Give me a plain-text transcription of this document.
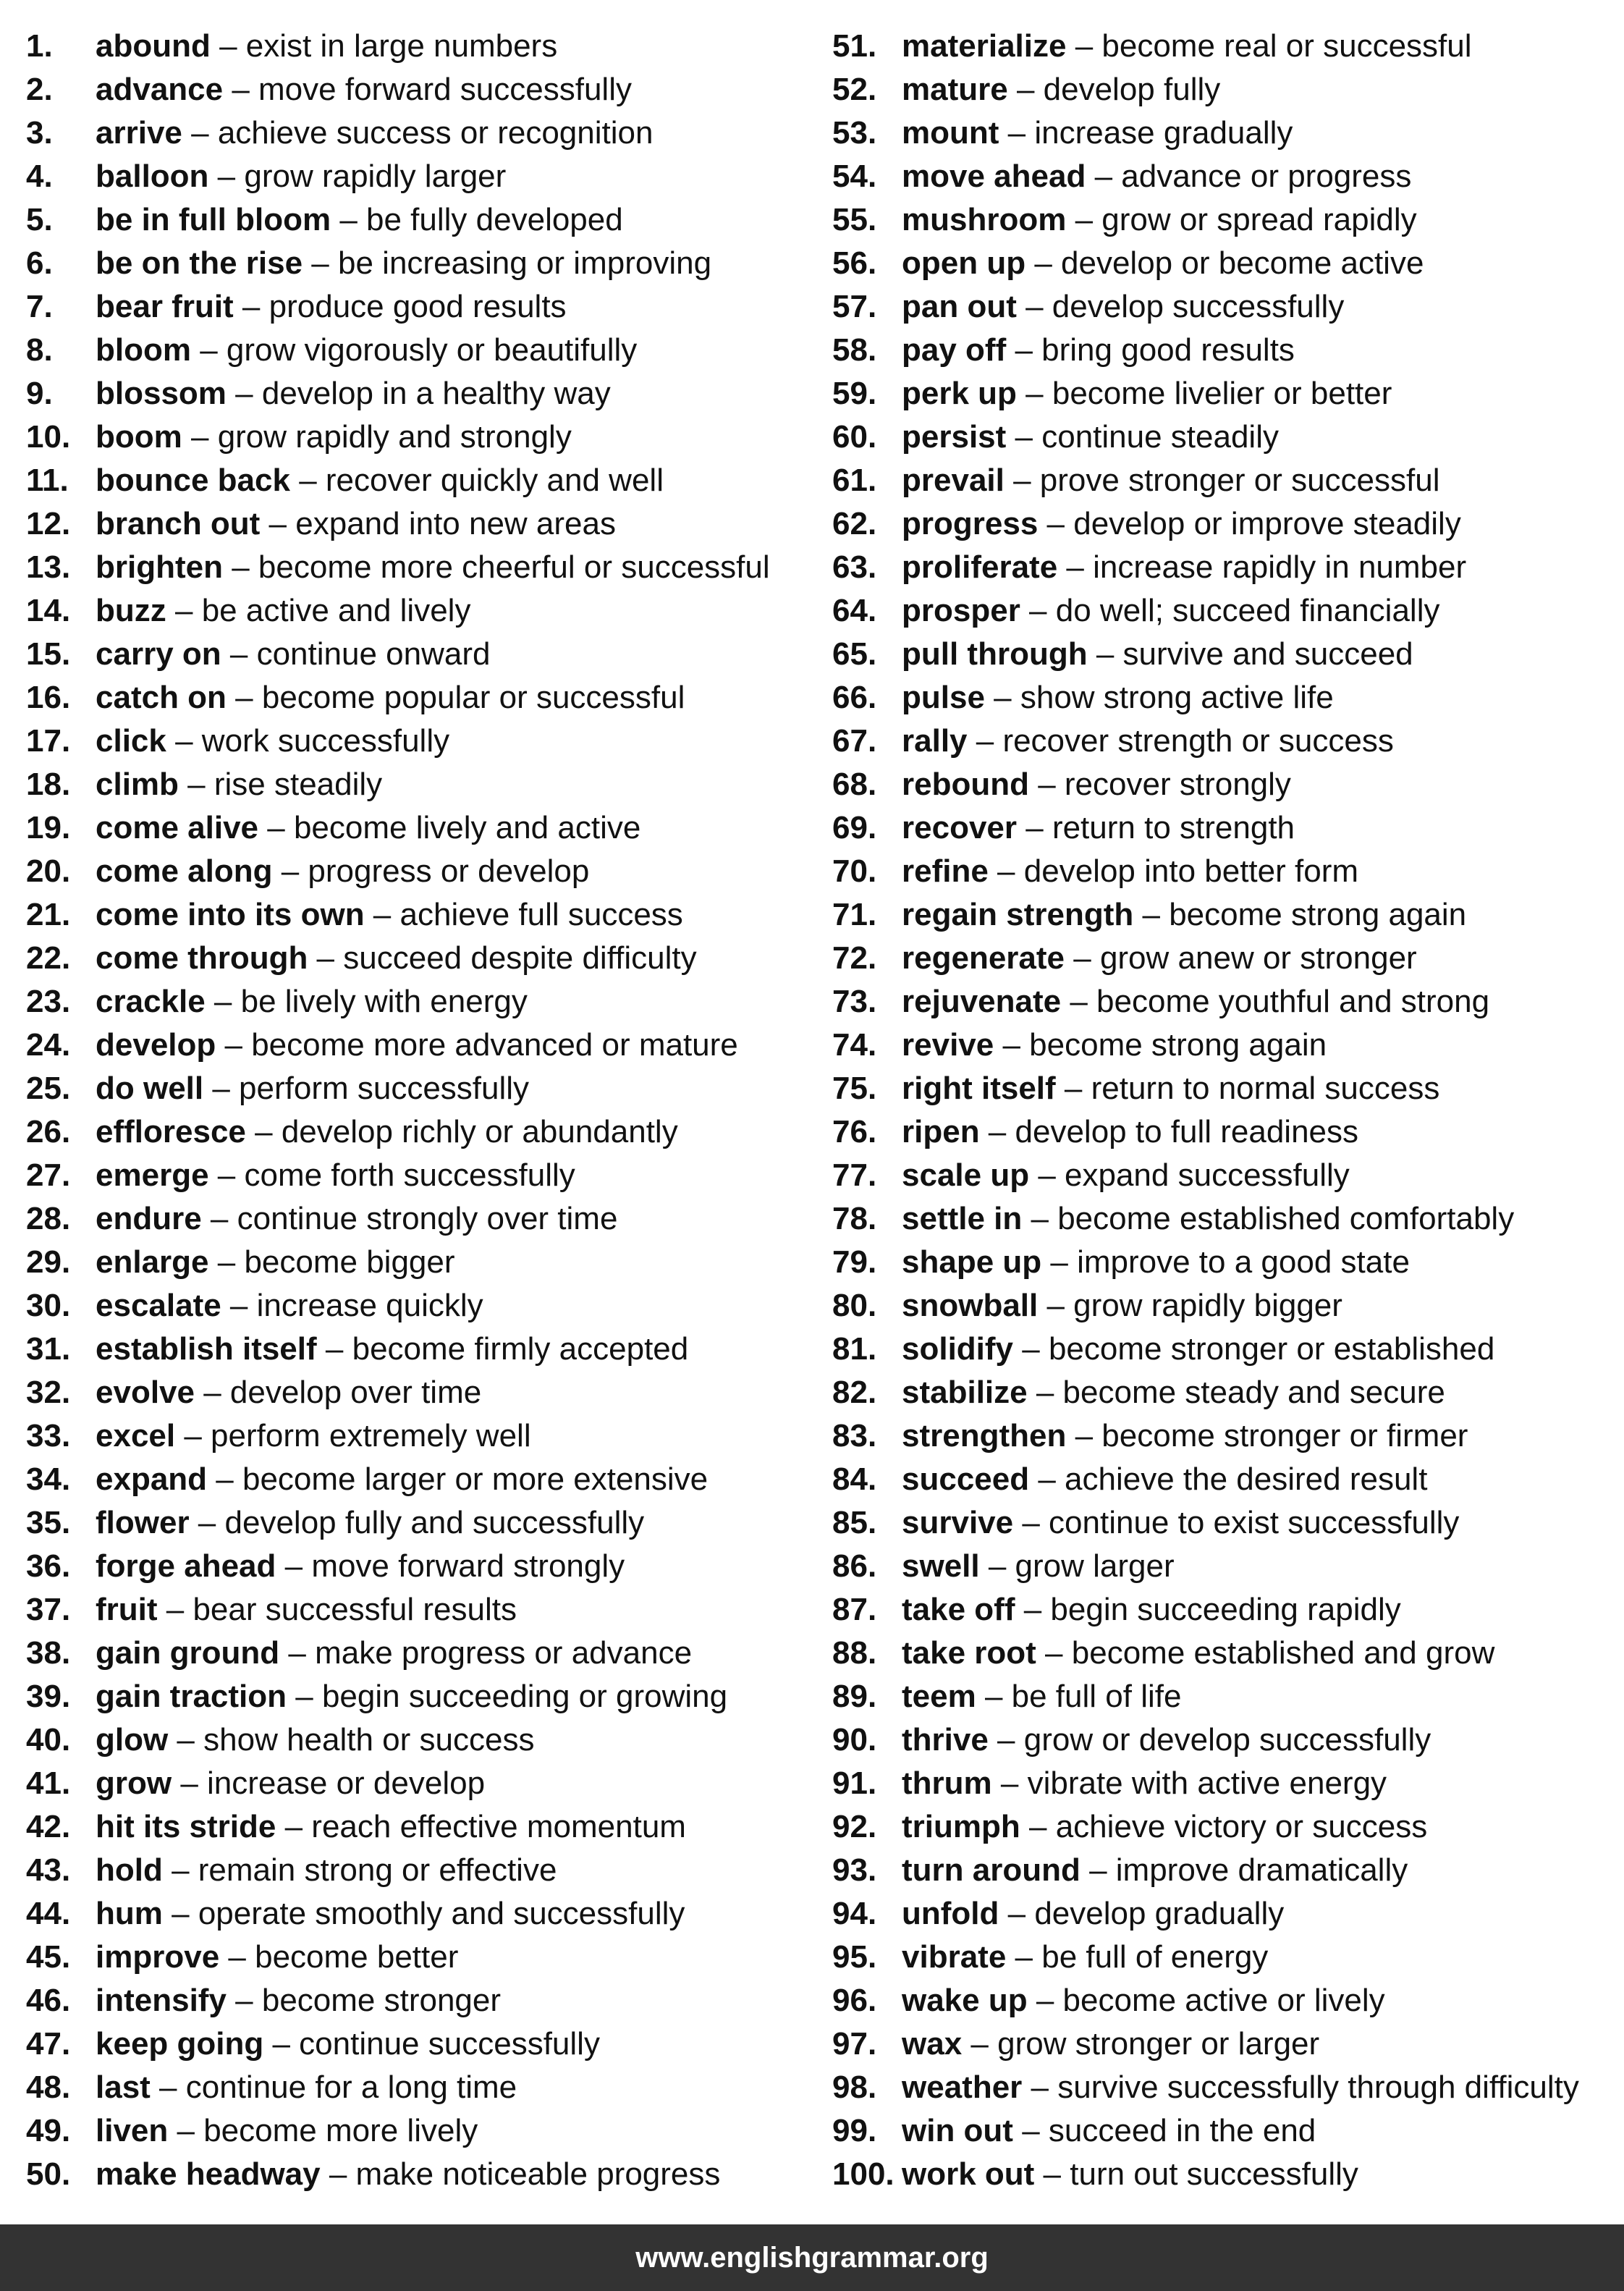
1. abound – exist in large numbers
2. advance – move forward successfully
3. arrive – achieve success or recognition
4. balloon – grow rapidly larger
5. be in full bloom – be fully developed
6. be on the rise – be increasing or improving
7. bear fruit – produce good results
8. bloom – grow vigorously or beautifully
9. blossom – develop in a healthy way
10. boom – grow rapidly and strongly
11. bounce back – recover quickly and well
12. branch out – expand into new areas
13. brighten – become more cheerful or successful
14. buzz – be active and lively
15. carry on – continue onward
16. catch on – become popular or successful
17. click – work successfully
18. climb – rise steadily
19. come alive – become lively and active
20. come along – progress or develop
21. come into its own – achieve full success
22. come through – succeed despite difficulty
23. crackle – be lively with energy
24. develop – become more advanced or mature
25. do well – perform successfully
26. effloresce – develop richly or abundantly
27. emerge – come forth successfully
28. endure – continue strongly over time
29. enlarge – become bigger
30. escalate – increase quickly
31. establish itself – become firmly accepted
32. evolve – develop over time
33. excel – perform extremely well
34. expand – become larger or more extensive
35. flower – develop fully and successfully
36. forge ahead – move forward strongly
37. fruit – bear successful results
38. gain ground – make progress or advance
39. gain traction – begin succeeding or growing
40. glow – show health or success
41. grow – increase or develop
42. hit its stride – reach effective momentum
43. hold – remain strong or effective
44. hum – operate smoothly and successfully
45. improve – become better
46. intensify – become stronger
47. keep going – continue successfully
48. last – continue for a long time
49. liven – become more lively
50. make headway – make noticeable progress
51. materialize – become real or successful
52. mature – develop fully
53. mount – increase gradually
54. move ahead – advance or progress
55. mushroom – grow or spread rapidly
56. open up – develop or become active
57. pan out – develop successfully
58. pay off – bring good results
59. perk up – become livelier or better
60. persist – continue steadily
61. prevail – prove stronger or successful
62. progress – develop or improve steadily
63. proliferate – increase rapidly in number
64. prosper – do well; succeed financially
65. pull through – survive and succeed
66. pulse – show strong active life
67. rally – recover strength or success
68. rebound – recover strongly
69. recover – return to strength
70. refine – develop into better form
71. regain strength – become strong again
72. regenerate – grow anew or stronger
73. rejuvenate – become youthful and strong
74. revive – become strong again
75. right itself – return to normal success
76. ripen – develop to full readiness
77. scale up – expand successfully
78. settle in – become established comfortably
79. shape up – improve to a good state
80. snowball – grow rapidly bigger
81. solidify – become stronger or established
82. stabilize – become steady and secure
83. strengthen – become stronger or firmer
84. succeed – achieve the desired result
85. survive – continue to exist successfully
86. swell – grow larger
87. take off – begin succeeding rapidly
88. take root – become established and grow
89. teem – be full of life
90. thrive – grow or develop successfully
91. thrum – vibrate with active energy
92. triumph – achieve victory or success
93. turn around – improve dramatically
94. unfold – develop gradually
95. vibrate – be full of energy
96. wake up – become active or lively
97. wax – grow stronger or larger
98. weather – survive successfully through difficulty
99. win out – succeed in the end
100. work out – turn out successfully
www.englishgrammar.org
